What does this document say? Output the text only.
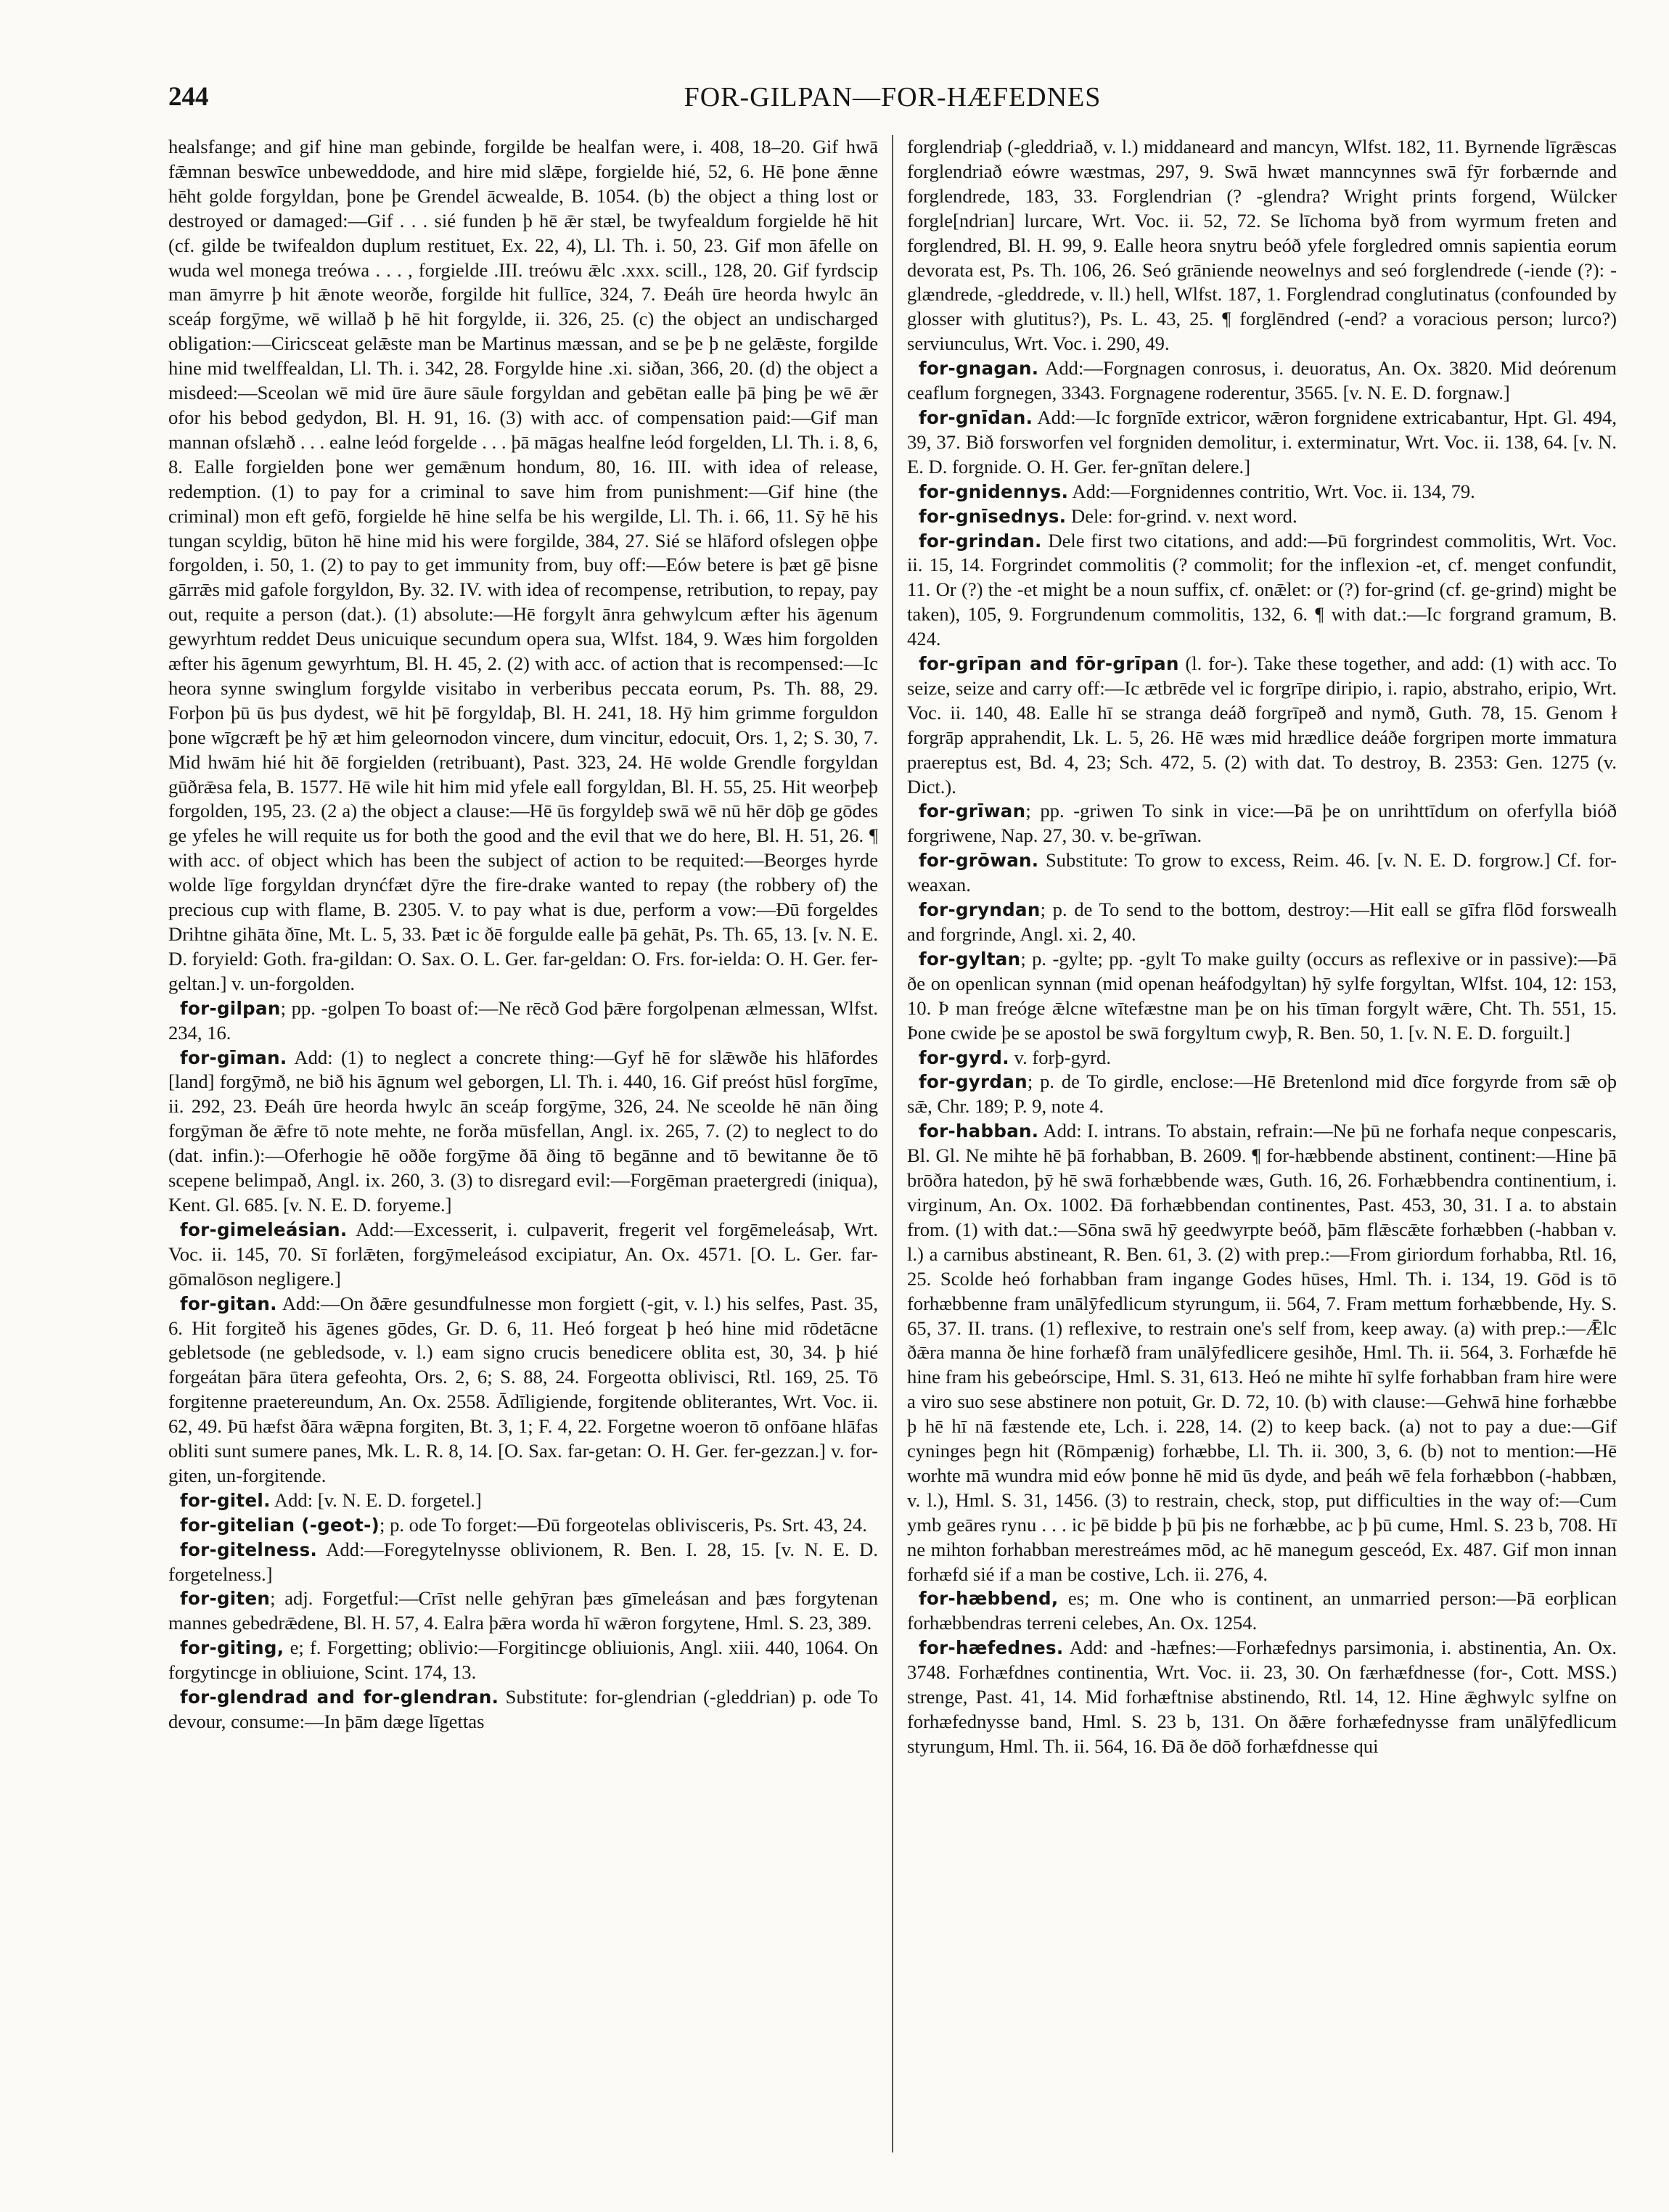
244	FOR-GILPAN—FOR-HÆFEDNES

healsfange; and gif hine man gebinde, forgilde be healfan were, i. 408, 18–20. Gif hwā fǣmnan beswīce unbeweddode, and hire mid slǣpe, forgielde hié, 52, 6. Hē þone ǣnne hēht golde forgyldan, þone þe Grendel ācwealde, B. 1054. (b) the object a thing lost or destroyed or damaged:—Gif . . . sié funden þ hē ǣr stæl, be twyfealdum forgielde hē hit (cf. gilde be twifealdon duplum restituet, Ex. 22, 4), Ll. Th. i. 50, 23. Gif mon āfelle on wuda wel monega treówa . . . , forgielde .III. treówu ǣlc .xxx. scill., 128, 20. Gif fyrdscip man āmyrre þ hit ǣnote weorðe, forgilde hit fullīce, 324, 7. Ðeáh ūre heorda hwylc ān sceáp forgȳme, wē willað þ hē hit forgylde, ii. 326, 25. (c) the object an undischarged obligation:—Ciricsceat gelǣste man be Martinus mæssan, and se þe þ ne gelǣste, forgilde hine mid twelffealdan, Ll. Th. i. 342, 28. Forgylde hine .xi. siðan, 366, 20. (d) the object a misdeed:—Sceolan wē mid ūre āure sāule forgyldan and gebētan ealle þā þing þe wē ǣr ofor his bebod gedydon, Bl. H. 91, 16. (3) with acc. of compensation paid:—Gif man mannan ofslæhð . . . ealne leód forgelde . . . þā māgas healfne leód forgelden, Ll. Th. i. 8, 6, 8. Ealle forgielden þone wer gemǣnum hondum, 80, 16. III. with idea of release, redemption. (1) to pay for a criminal to save him from punishment:—Gif hine (the criminal) mon eft gefō, forgielde hē hine selfa be his wergilde, Ll. Th. i. 66, 11. Sȳ hē his tungan scyldig, būton hē hine mid his were forgilde, 384, 27. Sié se hlāford ofslegen oþþe forgolden, i. 50, 1. (2) to pay to get immunity from, buy off:—Eów betere is þæt gē þisne gārrǣs mid gafole forgyldon, By. 32. IV. with idea of recompense, retribution, to repay, pay out, requite a person (dat.). (1) absolute:—Hē forgylt ānra gehwylcum æfter his āgenum gewyrhtum reddet Deus unicuique secundum opera sua, Wlfst. 184, 9. Wæs him forgolden æfter his āgenum gewyrhtum, Bl. H. 45, 2. (2) with acc. of action that is recompensed:—Ic heora synne swinglum forgylde visitabo in verberibus peccata eorum, Ps. Th. 88, 29. Forþon þū ūs þus dydest, wē hit þē forgyldaþ, Bl. H. 241, 18. Hȳ him grimme forguldon þone wīgcræft þe hȳ æt him geleornodon vincere, dum vincitur, edocuit, Ors. 1, 2; S. 30, 7. Mid hwām hié hit ðē forgielden (retribuant), Past. 323, 24. Hē wolde Grendle forgyldan gūðrǣsa fela, B. 1577. Hē wile hit him mid yfele eall forgyldan, Bl. H. 55, 25. Hit weorþeþ forgolden, 195, 23. (2 a) the object a clause:—Hē ūs forgyldeþ swā wē nū hēr dōþ ge gōdes ge yfeles he will requite us for both the good and the evil that we do here, Bl. H. 51, 26. ¶ with acc. of object which has been the subject of action to be requited:—Beorges hyrde wolde līge forgyldan drynćfæt dȳre the fire-drake wanted to repay (the robbery of) the precious cup with flame, B. 2305. V. to pay what is due, perform a vow:—Ðū forgeldes Drihtne gihāta ðīne, Mt. L. 5, 33. Þæt ic ðē forgulde ealle þā gehāt, Ps. Th. 65, 13. [v. N. E. D. foryield: Goth. fra-gildan: O. Sax. O. L. Ger. far-geldan: O. Frs. for-ielda: O. H. Ger. fer-geltan.] v. un-forgolden.

for-gilpan; pp. -golpen To boast of:—Ne rēcð God þǣre forgolpenan ælmessan, Wlfst. 234, 16.

for-gīman. Add: (1) to neglect a concrete thing:—Gyf hē for slǣwðe his hlāfordes [land] forgȳmð, ne bið his āgnum wel geborgen, Ll. Th. i. 440, 16. Gif preóst hūsl forgīme, ii. 292, 23. Ðeáh ūre heorda hwylc ān sceáp forgȳme, 326, 24. Ne sceolde hē nān ðing forgȳman ðe ǣfre tō note mehte, ne forða mūsfellan, Angl. ix. 265, 7. (2) to neglect to do (dat. infin.):—Oferhogie hē oððe forgȳme ðā ðing tō begānne and tō bewitanne ðe tō scepene belimpað, Angl. ix. 260, 3. (3) to disregard evil:—Forgēman praetergredi (iniqua), Kent. Gl. 685. [v. N. E. D. foryeme.]

for-gimeleásian. Add:—Excesserit, i. culpaverit, fregerit vel forgēmeleásaþ, Wrt. Voc. ii. 145, 70. Sī forlǣten, forgȳmeleásod excipiatur, An. Ox. 4571. [O. L. Ger. far-gōmalōson negligere.]

for-gitan. Add:—On ðǣre gesundfulnesse mon forgiett (-git, v. l.) his selfes, Past. 35, 6. Hit forgiteð his āgenes gōdes, Gr. D. 6, 11. Heó forgeat þ heó hine mid rōdetācne gebletsode (ne gebledsode, v. l.) eam signo crucis benedicere oblita est, 30, 34. þ hié forgeátan þāra ūtera gefeohta, Ors. 2, 6; S. 88, 24. Forgeotta oblivisci, Rtl. 169, 25. Tō forgitenne praetereundum, An. Ox. 2558. Ādīligiende, forgitende obliterantes, Wrt. Voc. ii. 62, 49. Þū hæfst ðāra wǣpna forgiten, Bt. 3, 1; F. 4, 22. Forgetne woeron tō onfōane hlāfas obliti sunt sumere panes, Mk. L. R. 8, 14. [O. Sax. far-getan: O. H. Ger. fer-gezzan.] v. for-giten, un-forgitende.

for-gitel. Add: [v. N. E. D. forgetel.]

for-gitelian (-geot-); p. ode To forget:—Ðū forgeotelas oblivisceris, Ps. Srt. 43, 24.

for-gitelness. Add:—Foregytelnysse oblivionem, R. Ben. I. 28, 15. [v. N. E. D. forgetelness.]

for-giten; adj. Forgetful:—Crīst nelle gehȳran þæs gīmeleásan and þæs forgytenan mannes gebedrǣdene, Bl. H. 57, 4. Ealra þǣra worda hī wǣron forgytene, Hml. S. 23, 389.

for-giting, e; f. Forgetting; oblivio:—Forgitincge obliuionis, Angl. xiii. 440, 1064. On forgytincge in obliuione, Scint. 174, 13.

for-glendrad and for-glendran. Substitute: for-glendrian (-gleddrian) p. ode To devour, consume:—In þām dæge līgettas

forglendriaþ (-gleddriað, v. l.) middaneard and mancyn, Wlfst. 182, 11. Byrnende līgrǣscas forglendriað eówre wæstmas, 297, 9. Swā hwæt manncynnes swā fȳr forbærnde and forglendrede, 183, 33. Forglendrian (? -glendra? Wright prints forgend, Wülcker forgle[ndrian] lurcare, Wrt. Voc. ii. 52, 72. Se līchoma byð from wyrmum freten and forglendred, Bl. H. 99, 9. Ealle heora snytru beóð yfele forgledred omnis sapientia eorum devorata est, Ps. Th. 106, 26. Seó grāniende neowelnys and seó forglendrede (-iende (?): -glændrede, -gleddrede, v. ll.) hell, Wlfst. 187, 1. Forglendrad conglutinatus (confounded by glosser with glutitus?), Ps. L. 43, 25. ¶ forglēndred (-end? a voracious person; lurco?) serviunculus, Wrt. Voc. i. 290, 49.

for-gnagan. Add:—Forgnagen conrosus, i. deuoratus, An. Ox. 3820. Mid deórenum ceaflum forgnegen, 3343. Forgnagene roderentur, 3565. [v. N. E. D. forgnaw.]

for-gnīdan. Add:—Ic forgnīde extricor, wǣron forgnidene extricabantur, Hpt. Gl. 494, 39, 37. Bið forsworfen vel forgniden demolitur, i. exterminatur, Wrt. Voc. ii. 138, 64. [v. N. E. D. forgnide. O. H. Ger. fer-gnītan delere.]

for-gnidennys. Add:—Forgnidennes contritio, Wrt. Voc. ii. 134, 79.

for-gnīsednys. Dele: for-grind. v. next word.

for-grindan. Dele first two citations, and add:—Þū forgrindest commolitis, Wrt. Voc. ii. 15, 14. Forgrindet commolitis (? commolit; for the inflexion -et, cf. menget confundit, 11. Or (?) the -et might be a noun suffix, cf. onǣlet: or (?) for-grind (cf. ge-grind) might be taken), 105, 9. Forgrundenum commolitis, 132, 6. ¶ with dat.:—Ic forgrand gramum, B. 424.

for-grīpan and fōr-grīpan (l. for-). Take these together, and add: (1) with acc. To seize, seize and carry off:—Ic ætbrēde vel ic forgrīpe diripio, i. rapio, abstraho, eripio, Wrt. Voc. ii. 140, 48. Ealle hī se stranga deáð forgrīpeð and nymð, Guth. 78, 15. Genom ł forgrāp apprahendit, Lk. L. 5, 26. Hē wæs mid hrædlice deáðe forgripen morte immatura praereptus est, Bd. 4, 23; Sch. 472, 5. (2) with dat. To destroy, B. 2353: Gen. 1275 (v. Dict.).

for-grīwan; pp. -griwen To sink in vice:—Þā þe on unrihttīdum on oferfylla bióð forgriwene, Nap. 27, 30. v. be-grīwan.

for-grōwan. Substitute: To grow to excess, Reim. 46. [v. N. E. D. forgrow.] Cf. for-weaxan.

for-gryndan; p. de To send to the bottom, destroy:—Hit eall se gīfra flōd forswealh and forgrinde, Angl. xi. 2, 40.

for-gyltan; p. -gylte; pp. -gylt To make guilty (occurs as reflexive or in passive):—Þā ðe on openlican synnan (mid openan heáfodgyltan) hȳ sylfe forgyltan, Wlfst. 104, 12: 153, 10. Þ man freóge ǣlcne wītefæstne man þe on his tīman forgylt wǣre, Cht. Th. 551, 15. Þone cwide þe se apostol be swā forgyltum cwyþ, R. Ben. 50, 1. [v. N. E. D. forguilt.]

for-gyrd. v. forþ-gyrd.

for-gyrdan; p. de To girdle, enclose:—Hē Bretenlond mid dīce forgyrde from sǣ oþ sǣ, Chr. 189; P. 9, note 4.

for-habban. Add: I. intrans. To abstain, refrain:—Ne þū ne forhafa neque conpescaris, Bl. Gl. Ne mihte hē þā forhabban, B. 2609. ¶ for-hæbbende abstinent, continent:—Hine þā brōðra hatedon, þȳ hē swā forhæbbende wæs, Guth. 16, 26. Forhæbbendra continentium, i. virginum, An. Ox. 1002. Ðā forhæbbendan continentes, Past. 453, 30, 31. I a. to abstain from. (1) with dat.:—Sōna swā hȳ geedwyrpte beóð, þām flǣscǣte forhæbben (-habban v. l.) a carnibus abstineant, R. Ben. 61, 3. (2) with prep.:—From giriordum forhabba, Rtl. 16, 25. Scolde heó forhabban fram ingange Godes hūses, Hml. Th. i. 134, 19. Gōd is tō forhæbbenne fram unālȳfedlicum styrungum, ii. 564, 7. Fram mettum forhæbbende, Hy. S. 65, 37. II. trans. (1) reflexive, to restrain one's self from, keep away. (a) with prep.:—Ǣlc ðǣra manna ðe hine forhæfð fram unālȳfedlicere gesihðe, Hml. Th. ii. 564, 3. Forhæfde hē hine fram his gebeórscipe, Hml. S. 31, 613. Heó ne mihte hī sylfe forhabban fram hire were a viro suo sese abstinere non potuit, Gr. D. 72, 10. (b) with clause:—Gehwā hine forhæbbe þ hē hī nā fæstende ete, Lch. i. 228, 14. (2) to keep back. (a) not to pay a due:—Gif cyninges þegn hit (Rōmpænig) forhæbbe, Ll. Th. ii. 300, 3, 6. (b) not to mention:—Hē worhte mā wundra mid eów þonne hē mid ūs dyde, and þeáh wē fela forhæbbon (-habbæn, v. l.), Hml. S. 31, 1456. (3) to restrain, check, stop, put difficulties in the way of:—Cum ymb geāres rynu . . . ic þē bidde þ þū þis ne forhæbbe, ac þ þū cume, Hml. S. 23 b, 708. Hī ne mihton forhabban merestreámes mōd, ac hē manegum gesceód, Ex. 487. Gif mon innan forhæfd sié if a man be costive, Lch. ii. 276, 4.

for-hæbbend, es; m. One who is continent, an unmarried person:—Þā eorþlican forhæbbendras terreni celebes, An. Ox. 1254.

for-hæfednes. Add: and -hæfnes:—Forhæfednys parsimonia, i. abstinentia, An. Ox. 3748. Forhæfdnes continentia, Wrt. Voc. ii. 23, 30. On færhæfdnesse (for-, Cott. MSS.) strenge, Past. 41, 14. Mid forhæftnise abstinendo, Rtl. 14, 12. Hine ǣghwylc sylfne on forhæfednysse band, Hml. S. 23 b, 131. On ðǣre forhæfednysse fram unālȳfedlicum styrungum, Hml. Th. ii. 564, 16. Ðā ðe dōð forhæfdnesse qui
